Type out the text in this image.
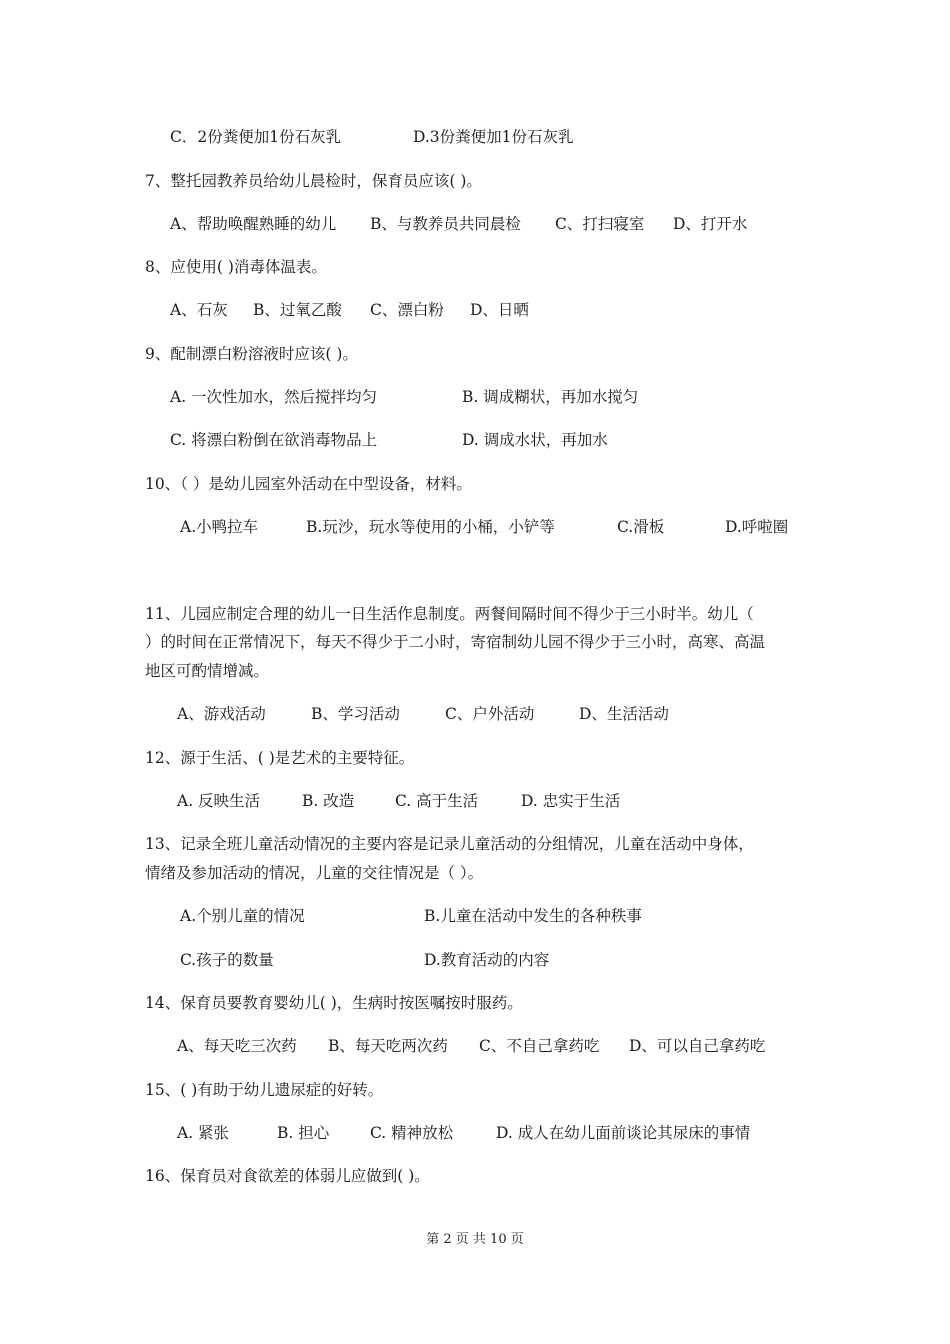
C．2份粪便加1份石灰乳	D.3份粪便加1份石灰乳
7、整托园教养员给幼儿晨检时，保育员应该( )。
A、帮助唤醒熟睡的幼儿 B、与教养员共同晨检 C、打扫寝室 D、打开水
8、应使用( )消毒体温表。
A、石灰 B、过氧乙酸 C、漂白粉 D、日晒
9、配制漂白粉溶液时应该( )。
A. 一次性加水，然后搅拌均匀	B. 调成糊状，再加水搅匀
C. 将漂白粉倒在欲消毒物品上	D. 调成水状，再加水
10、（ ）是幼儿园室外活动在中型设备，材料。
A.小鸭拉车	B.玩沙，玩水等使用的小桶，小铲等	C.滑板	D.呼啦圈
11、儿园应制定合理的幼儿一日生活作息制度。两餐间隔时间不得少于三小时半。幼儿（
）的时间在正常情况下，每天不得少于二小时，寄宿制幼儿园不得少于三小时，高寒、高温
地区可酌情增减。
A、游戏活动	B、学习活动	C、户外活动	D、生活活动
12、源于生活、( )是艺术的主要特征。
A. 反映生活	B. 改造	C. 高于生活	D. 忠实于生活
13、记录全班儿童活动情况的主要内容是记录儿童活动的分组情况，儿童在活动中身体，
情绪及参加活动的情况，儿童的交往情况是（ ）。
A.个别儿童的情况	B.儿童在活动中发生的各种秩事
C.孩子的数量	D.教育活动的内容
14、保育员要教育婴幼儿( )，生病时按医嘱按时服药。
A、每天吃三次药 B、每天吃两次药 C、不自己拿药吃 D、可以自己拿药吃
15、( )有助于幼儿遗尿症的好转。
A. 紧张	B. 担心	C. 精神放松	D. 成人在幼儿面前谈论其尿床的事情
16、保育员对食欲差的体弱儿应做到( )。
第 2 页 共 10 页
